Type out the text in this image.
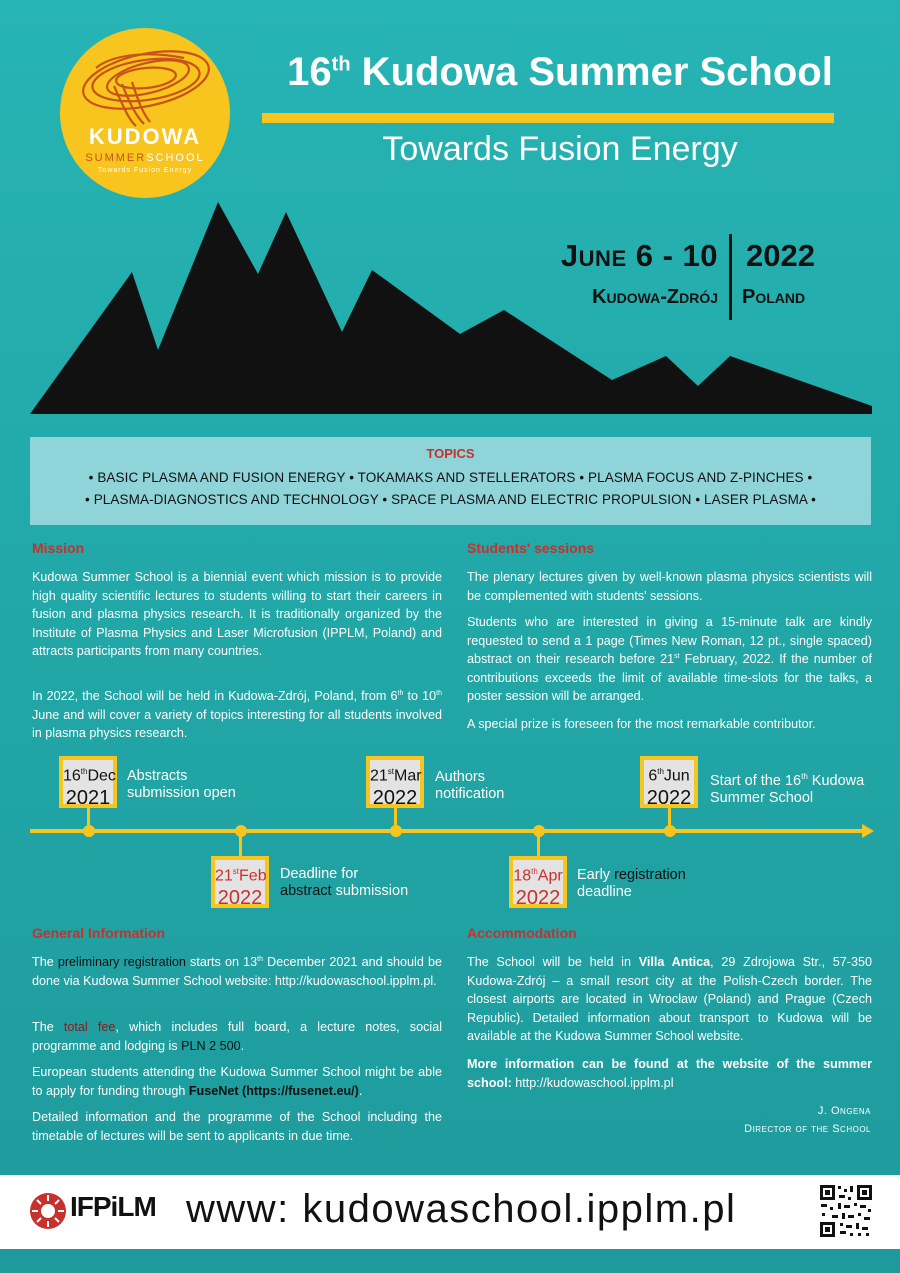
KUDOWA
SUMMERSCHOOL
Towards Fusion Energy
16th Kudowa Summer School
Towards Fusion Energy
June 6 - 10
Kudowa-Zdrój
2022
Poland
TOPICS
• BASIC PLASMA AND FUSION ENERGY • TOKAMAKS AND STELLERATORS • PLASMA FOCUS AND Z-PINCHES •
• PLASMA-DIAGNOSTICS AND TECHNOLOGY • SPACE PLASMA AND ELECTRIC PROPULSION • LASER PLASMA •
Mission
Kudowa Summer School is a biennial event which mission is to provide high quality scientific lectures to students willing to start their careers in fusion and plasma physics research. It is traditionally organized by the Institute of Plasma Physics and Laser Microfusion (IPPLM, Poland) and attracts participants from many countries.
In 2022, the School will be held in Kudowa-Zdrój, Poland, from 6th to 10th June and will cover a variety of topics interesting for all students involved in plasma physics research.
Students' sessions
The plenary lectures given by well-known plasma physics scientists will be complemented with students' sessions.
Students who are interested in giving a 15-minute talk are kindly requested to send a 1 page (Times New Roman, 12 pt., single spaced) abstract on their research before 21st February, 2022. If the number of contributions exceeds the limit of available time-slots for the talks, a poster session will be arranged.
A special prize is foreseen for the most remarkable contributor.
16thDec
2021
Abstracts
submission open
21stFeb
2022
Deadline for
abstract submission
21stMar
2022
Authors
notification
18thApr
2022
Early registration
deadline
6thJun
2022
Start of the 16th Kudowa
Summer School
General Information
The preliminary registration starts on 13th December 2021 and should be done via Kudowa Summer School website: http://kudowaschool.ipplm.pl.
The total fee, which includes full board, a lecture notes, social programme and lodging is PLN 2 500.
European students attending the Kudowa Summer School might be able to apply for funding through FuseNet (https://fusenet.eu/).
Detailed information and the programme of the School including the timetable of lectures will be sent to applicants in due time.
Accommodation
The School will be held in Villa Antica, 29 Zdrojowa Str., 57-350 Kudowa-Zdrój – a small resort city at the Polish-Czech border. The closest airports are located in Wrocław (Poland) and Prague (Czech Republic). Detailed information about transport to Kudowa will be available at the Kudowa Summer School website.
More information can be found at the website of the summer school: http://kudowaschool.ipplm.pl
J. Ongena
Director of the School
IFPiLM www: kudowaschool.ipplm.pl
